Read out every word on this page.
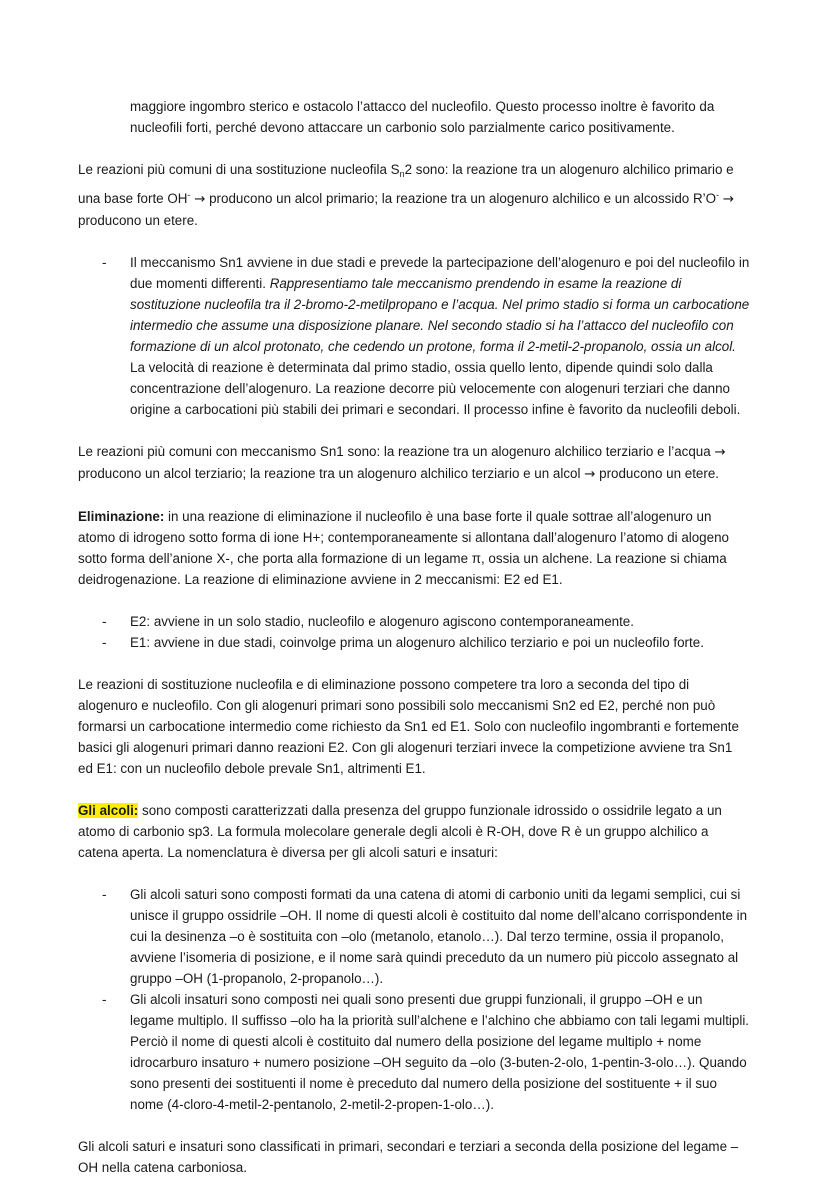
maggiore ingombro sterico e ostacolo l’attacco del nucleofilo. Questo processo inoltre è favorito da nucleofili forti, perché devono attaccare un carbonio solo parzialmente carico positivamente.

Le reazioni più comuni di una sostituzione nucleofila $S_n2$ sono: la reazione tra un alogenuro alchilico primario e una base forte OH- → producono un alcol primario; la reazione tra un alogenuro alchilico e un alcossido R’O- → producono un etere.

- Il meccanismo Sn1 avviene in due stadi e prevede la partecipazione dell’alogenuro e poi del nucleofilo in due momenti differenti. Rappresentiamo tale meccanismo prendendo in esame la reazione di sostituzione nucleofila tra il 2-bromo-2-metilpropano e l’acqua. Nel primo stadio si forma un carbocatione intermedio che assume una disposizione planare. Nel secondo stadio si ha l’attacco del nucleofilo con formazione di un alcol protonato, che cedendo un protone, forma il 2-metil-2-propanolo, ossia un alcol. La velocità di reazione è determinata dal primo stadio, ossia quello lento, dipende quindi solo dalla concentrazione dell’alogenuro. La reazione decorre più velocemente con alogenuri terziari che danno origine a carbocationi più stabili dei primari e secondari. Il processo infine è favorito da nucleofili deboli.

Le reazioni più comuni con meccanismo Sn1 sono: la reazione tra un alogenuro alchilico terziario e l’acqua → producono un alcol terziario; la reazione tra un alogenuro alchilico terziario e un alcol → producono un etere.

Eliminazione: in una reazione di eliminazione il nucleofilo è una base forte il quale sottrae all’alogenuro un atomo di idrogeno sotto forma di ione H+; contemporaneamente si allontana dall’alogenuro l’atomo di alogeno sotto forma dell’anione X-, che porta alla formazione di un legame π, ossia un alchene. La reazione si chiama deidrogenazione. La reazione di eliminazione avviene in 2 meccanismi: E2 ed E1.

- E2: avviene in un solo stadio, nucleofilo e alogenuro agiscono contemporaneamente.
- E1: avviene in due stadi, coinvolge prima un alogenuro alchilico terziario e poi un nucleofilo forte.

Le reazioni di sostituzione nucleofila e di eliminazione possono competere tra loro a seconda del tipo di alogenuro e nucleofilo. Con gli alogenuri primari sono possibili solo meccanismi Sn2 ed E2, perché non può formarsi un carbocatione intermedio come richiesto da Sn1 ed E1. Solo con nucleofilo ingombranti e fortemente basici gli alogenuri primari danno reazioni E2. Con gli alogenuri terziari invece la competizione avviene tra Sn1 ed E1: con un nucleofilo debole prevale Sn1, altrimenti E1.

Gli alcoli: sono composti caratterizzati dalla presenza del gruppo funzionale idrossido o ossidrile legato a un atomo di carbonio sp3. La formula molecolare generale degli alcoli è R-OH, dove R è un gruppo alchilico a catena aperta. La nomenclatura è diversa per gli alcoli saturi e insaturi:

- Gli alcoli saturi sono composti formati da una catena di atomi di carbonio uniti da legami semplici, cui si unisce il gruppo ossidrile –OH. Il nome di questi alcoli è costituito dal nome dell’alcano corrispondente in cui la desinenza –o è sostituita con –olo (metanolo, etanolo…). Dal terzo termine, ossia il propanolo, avviene l’isomeria di posizione, e il nome sarà quindi preceduto da un numero più piccolo assegnato al gruppo –OH (1-propanolo, 2-propanolo…).
- Gli alcoli insaturi sono composti nei quali sono presenti due gruppi funzionali, il gruppo –OH e un legame multiplo. Il suffisso –olo ha la priorità sull’alchene e l’alchino che abbiamo con tali legami multipli. Perciò il nome di questi alcoli è costituito dal numero della posizione del legame multiplo + nome idrocarburo insaturo + numero posizione –OH seguito da –olo (3-buten-2-olo, 1-pentin-3-olo…). Quando sono presenti dei sostituenti il nome è preceduto dal numero della posizione del sostituente + il suo nome (4-cloro-4-metil-2-pentanolo, 2-metil-2-propen-1-olo…).

Gli alcoli saturi e insaturi sono classificati in primari, secondari e terziari a seconda della posizione del legame –OH nella catena carboniosa.
